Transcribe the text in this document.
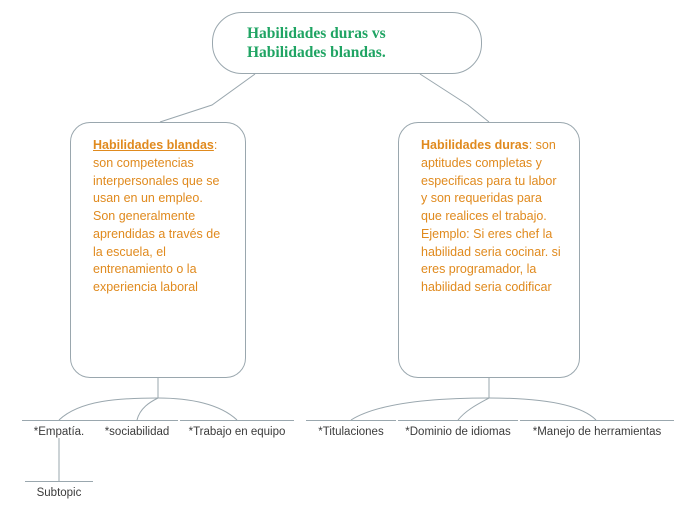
Habilidades duras vs Habilidades blandas.
Habilidades blandas: son competencias interpersonales que se usan en un empleo. Son generalmente aprendidas a través de la escuela, el entrenamiento o la experiencia laboral
Habilidades duras: son aptitudes completas y especificas para tu labor y son requeridas para que realices el trabajo. Ejemplo: Si eres chef la habilidad seria cocinar. si eres programador, la habilidad seria codificar
*Empatía.	*sociabilidad	*Trabajo en equipo	*Titulaciones	*Dominio de idiomas	*Manejo de herramientas
Subtopic
